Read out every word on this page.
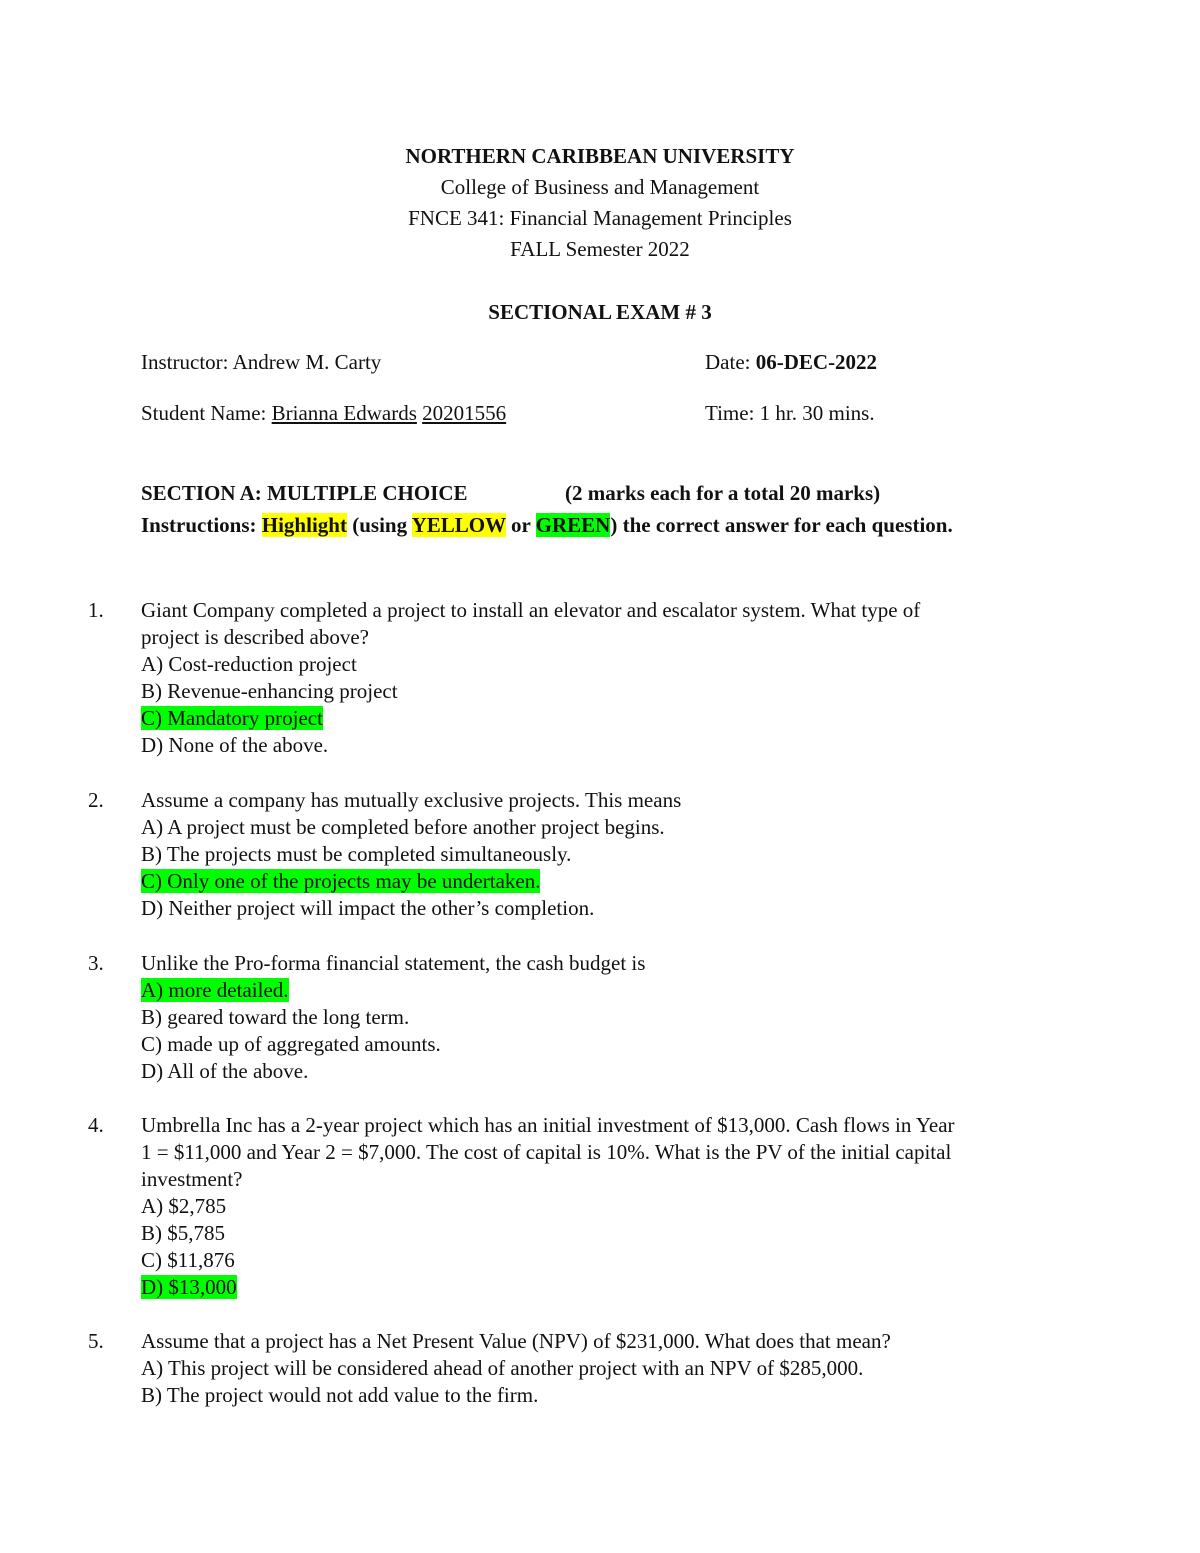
NORTHERN CARIBBEAN UNIVERSITY
College of Business and Management
FNCE 341: Financial Management Principles
FALL Semester 2022
SECTIONAL EXAM # 3
Instructor: Andrew M. Carty	Date: 06-DEC-2022
Student Name: Brianna Edwards 20201556	Time: 1 hr. 30 mins.
SECTION A: MULTIPLE CHOICE	(2 marks each for a total 20 marks)
Instructions: Highlight (using YELLOW or GREEN) the correct answer for each question.
1. Giant Company completed a project to install an elevator and escalator system. What type of
project is described above?
A) Cost-reduction project
B) Revenue-enhancing project
C) Mandatory project
D) None of the above.
2. Assume a company has mutually exclusive projects. This means
A) A project must be completed before another project begins.
B) The projects must be completed simultaneously.
C) Only one of the projects may be undertaken.
D) Neither project will impact the other’s completion.
3. Unlike the Pro-forma financial statement, the cash budget is
A) more detailed.
B) geared toward the long term.
C) made up of aggregated amounts.
D) All of the above.
4. Umbrella Inc has a 2-year project which has an initial investment of $13,000. Cash flows in Year
1 = $11,000 and Year 2 = $7,000. The cost of capital is 10%. What is the PV of the initial capital
investment?
A) $2,785
B) $5,785
C) $11,876
D) $13,000
5. Assume that a project has a Net Present Value (NPV) of $231,000. What does that mean?
A) This project will be considered ahead of another project with an NPV of $285,000.
B) The project would not add value to the firm.
